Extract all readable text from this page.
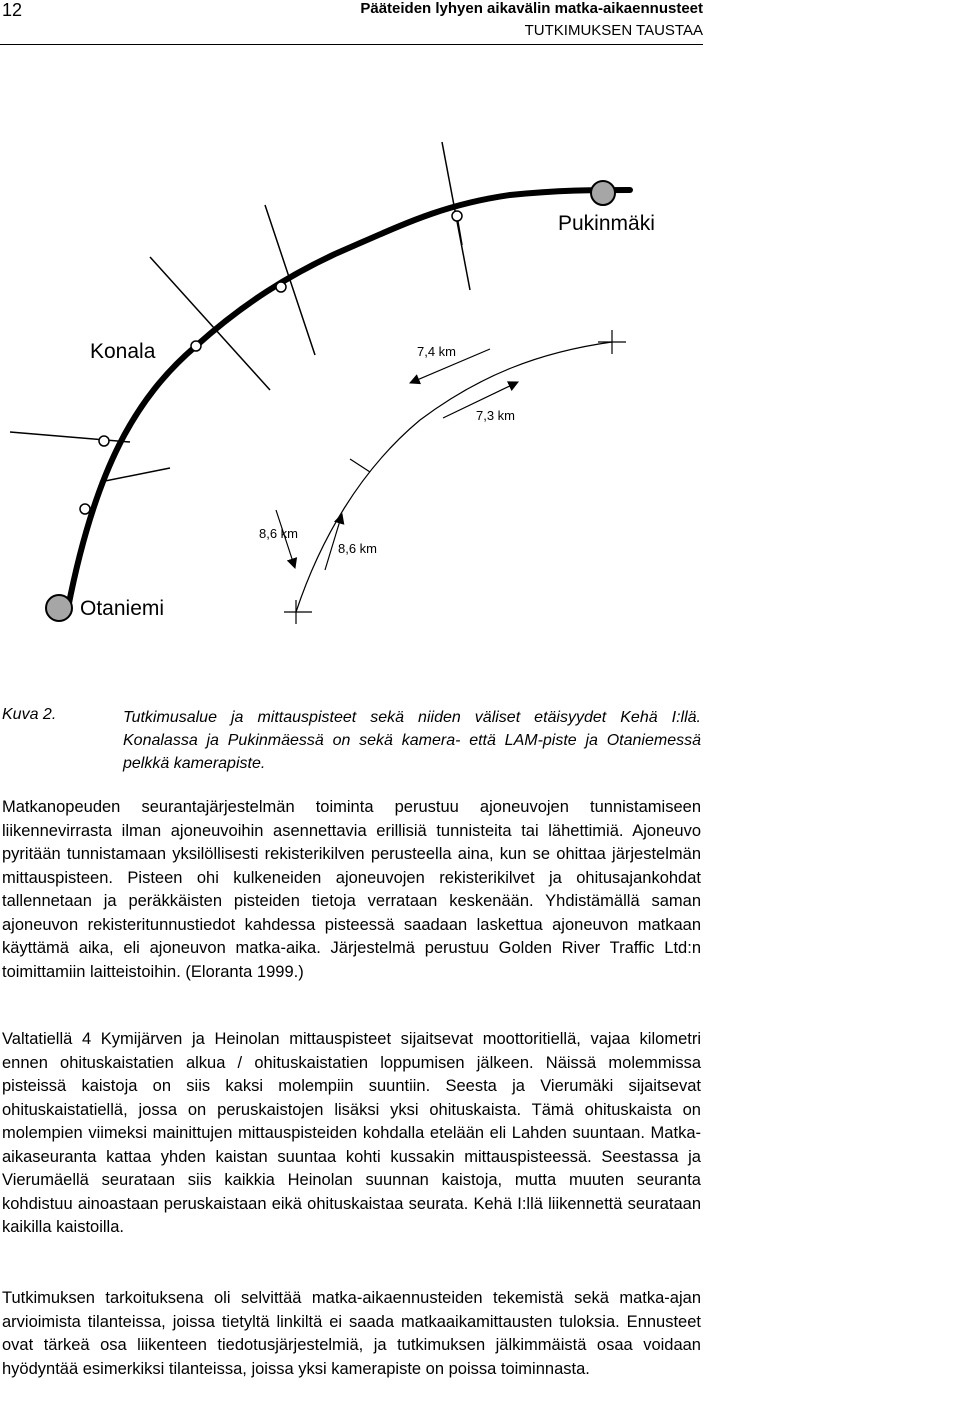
12	Pääteiden lyhyen aikavälin matka-aikaennusteet
TUTKIMUKSEN TAUSTAA
Pukinmäki
Konala
Otaniemi
7,4 km
7,3 km
8,6 km
8,6 km
Kuva 2.	Tutkimusalue ja mittauspisteet sekä niiden väliset etäisyydet Kehä I:llä. Konalassa ja Pukinmäessä on sekä kamera- että LAM-piste ja Otaniemessä pelkkä kamerapiste.

Matkanopeuden seurantajärjestelmän toiminta perustuu ajoneuvojen tunnistamiseen liikennevirrasta ilman ajoneuvoihin asennettavia erillisiä tunnisteita tai lähettimiä. Ajoneuvo pyritään tunnistamaan yksilöllisesti rekisterikilven perusteella aina, kun se ohittaa järjestelmän mittauspisteen. Pisteen ohi kulkeneiden ajoneuvojen rekisterikilvet ja ohitusajankohdat tallennetaan ja peräkkäisten pisteiden tietoja verrataan keskenään. Yhdistämällä saman ajoneuvon rekisteritunnustiedot kahdessa pisteessä saadaan laskettua ajoneuvon matkaan käyttämä aika, eli ajoneuvon matka-aika. Järjestelmä perustuu Golden River Traffic Ltd:n toimittamiin laitteistoihin. (Eloranta 1999.)

Valtatiellä 4 Kymijärven ja Heinolan mittauspisteet sijaitsevat moottoritiellä, vajaa kilometri ennen ohituskaistatien alkua / ohituskaistatien loppumisen jälkeen. Näissä molemmissa pisteissä kaistoja on siis kaksi molempiin suuntiin. Seesta ja Vierumäki sijaitsevat ohituskaistatiellä, jossa on peruskaistojen lisäksi yksi ohituskaista. Tämä ohituskaista on molempien viimeksi mainittujen mittauspisteiden kohdalla etelään eli Lahden suuntaan. Matka-aikaseuranta kattaa yhden kaistan suuntaa kohti kussakin mittauspisteessä. Seestassa ja Vierumäellä seurataan siis kaikkia Heinolan suunnan kaistoja, mutta muuten seuranta kohdistuu ainoastaan peruskaistaan eikä ohituskaistaa seurata. Kehä I:llä liikennettä seurataan kaikilla kaistoilla.

Tutkimuksen tarkoituksena oli selvittää matka-aikaennusteiden tekemistä sekä matka-ajan arvioimista tilanteissa, joissa tietyltä linkiltä ei saada matkaaikamittausten tuloksia. Ennusteet ovat tärkeä osa liikenteen tiedotusjärjestelmiä, ja tutkimuksen jälkimmäistä osaa voidaan hyödyntää esimerkiksi tilanteissa, joissa yksi kamerapiste on poissa toiminnasta.
